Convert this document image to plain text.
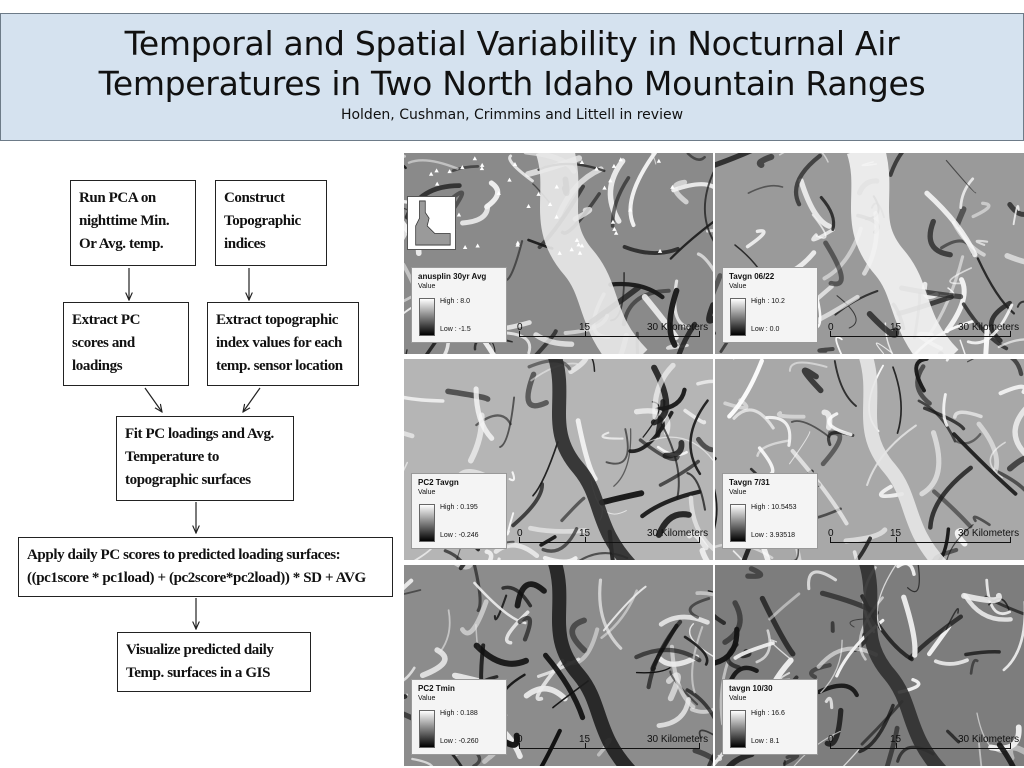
Temporal and Spatial Variability in Nocturnal Air
Temperatures in Two North Idaho Mountain Ranges
Holden, Cushman, Crimmins and Littell in review
Run PCA on
nighttime Min.
Or Avg. temp.
Construct
Topographic
indices
Extract PC
scores and
loadings
Extract topographic
index values for each
temp. sensor location
Fit PC loadings and Avg.
Temperature to
topographic surfaces
Apply daily PC scores to predicted loading surfaces:
((pc1score * pc1load) + (pc2score*pc2load)) * SD + AVG
Visualize predicted daily
Temp. surfaces in a GIS
anusplin 30yr Avg
Value
High : 8.0
Low : -1.5	0	15	30 Kilometers
Tavgn 06/22
Value
High : 10.2
Low : 0.0	0	15	30 Kilometers
PC2 Tavgn
Value
High : 0.195
Low : -0.246	0	15	30 Kilometers
Tavgn 7/31
Value
High : 10.5453
Low : 3.93518	0	15	30 Kilometers
PC2 Tmin
Value
High : 0.188
Low : -0.260	0	15	30 Kilometers
tavgn 10/30
Value
High : 16.6
Low : 8.1	0	15	30 Kilometers
